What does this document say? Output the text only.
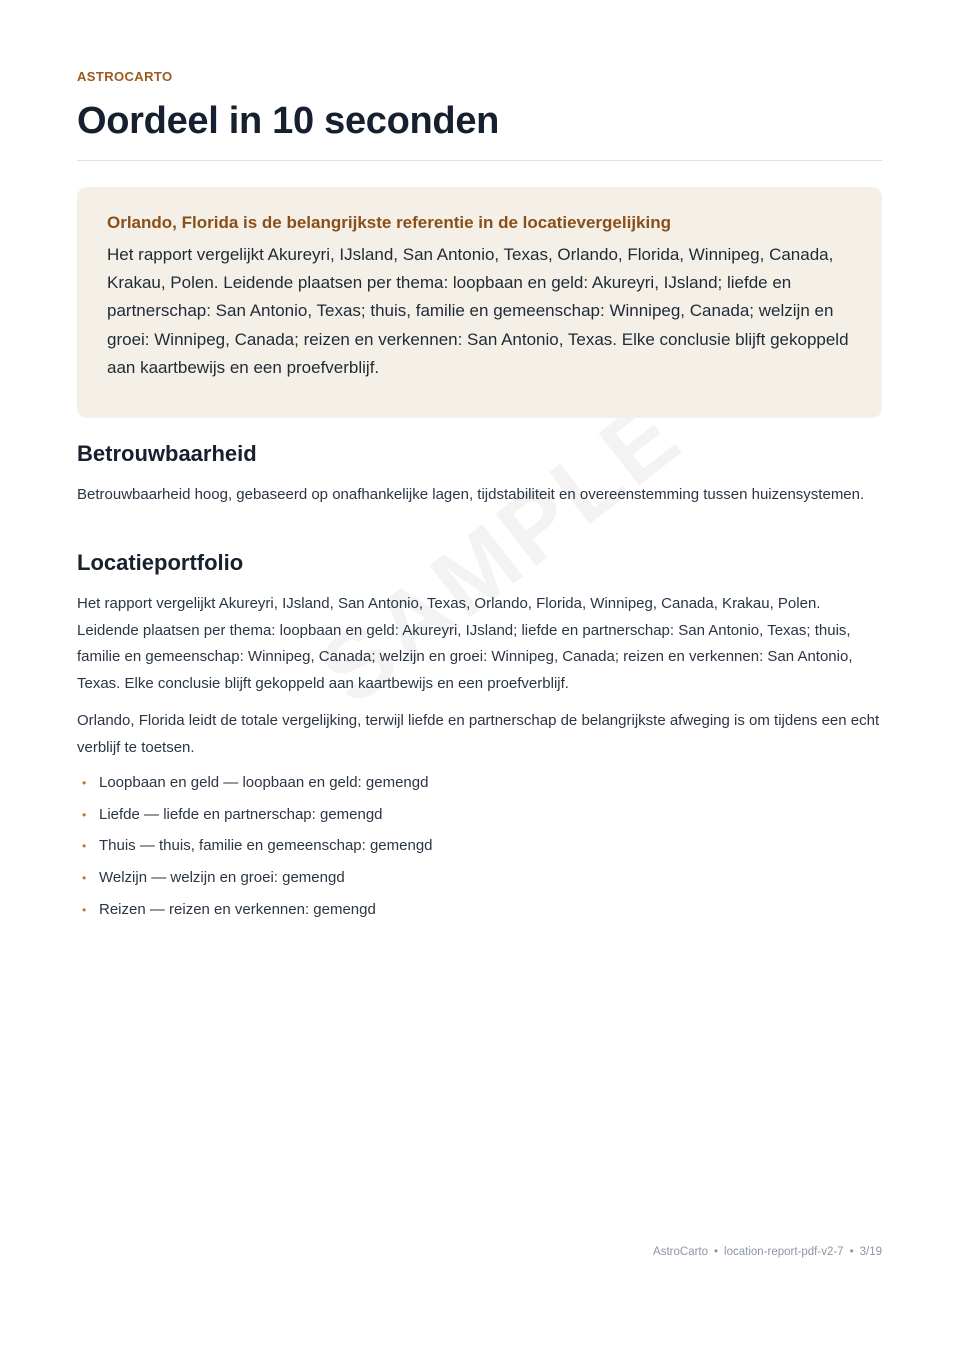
ASTROCARTO
Oordeel in 10 seconden

Orlando, Florida is de belangrijkste referentie in de locatievergelijking

Het rapport vergelijkt Akureyri, IJsland, San Antonio, Texas, Orlando, Florida, Winnipeg, Canada, Krakau, Polen. Leidende plaatsen per thema: loopbaan en geld: Akureyri, IJsland; liefde en partnerschap: San Antonio, Texas; thuis, familie en gemeenschap: Winnipeg, Canada; welzijn en groei: Winnipeg, Canada; reizen en verkennen: San Antonio, Texas. Elke conclusie blijft gekoppeld aan kaartbewijs en een proefverblijf.

Betrouwbaarheid

Betrouwbaarheid hoog, gebaseerd op onafhankelijke lagen, tijdstabiliteit en overeenstemming tussen huizensystemen.

Locatieportfolio

Het rapport vergelijkt Akureyri, IJsland, San Antonio, Texas, Orlando, Florida, Winnipeg, Canada, Krakau, Polen. Leidende plaatsen per thema: loopbaan en geld: Akureyri, IJsland; liefde en partnerschap: San Antonio, Texas; thuis, familie en gemeenschap: Winnipeg, Canada; welzijn en groei: Winnipeg, Canada; reizen en verkennen: San Antonio, Texas. Elke conclusie blijft gekoppeld aan kaartbewijs en een proefverblijf.

Orlando, Florida leidt de totale vergelijking, terwijl liefde en partnerschap de belangrijkste afweging is om tijdens een echt verblijf te toetsen.

• Loopbaan en geld — loopbaan en geld: gemengd
• Liefde — liefde en partnerschap: gemengd
• Thuis — thuis, familie en gemeenschap: gemengd
• Welzijn — welzijn en groei: gemengd
• Reizen — reizen en verkennen: gemengd
AstroCarto • location-report-pdf-v2-7 • 3/19
